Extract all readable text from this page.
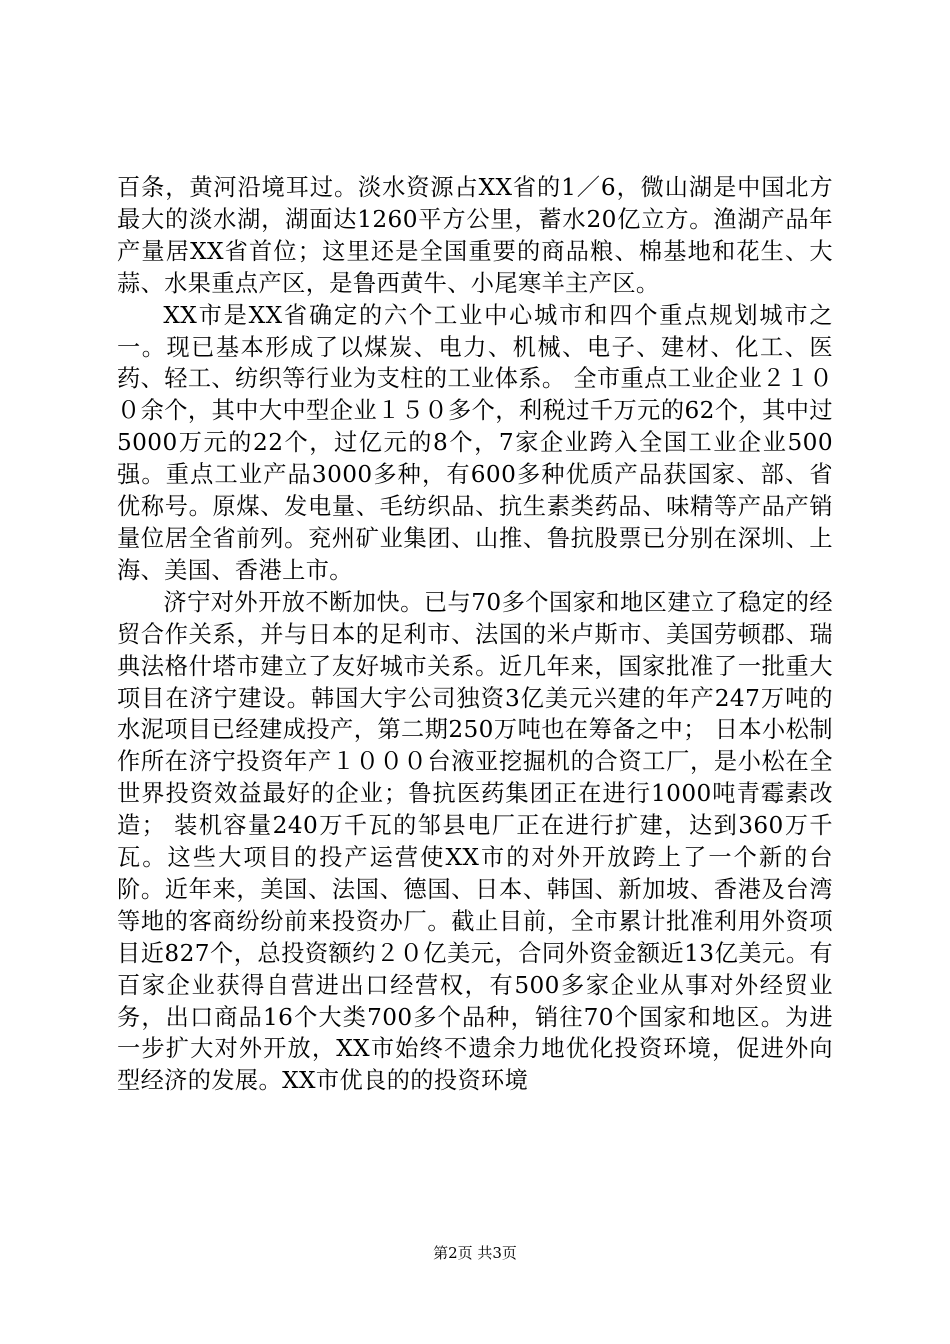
百条，黄河沿境耳过。淡水资源占XX省的1／6，微山湖是中国北方最大的淡水湖，湖面达1260平方公里，蓄水20亿立方。渔湖产品年产量居XX省首位；这里还是全国重要的商品粮、棉基地和花生、大蒜、水果重点产区，是鲁西黄牛、小尾寒羊主产区。

XX市是XX省确定的六个工业中心城市和四个重点规划城市之一。现已基本形成了以煤炭、电力、机械、电子、建材、化工、医药、轻工、纺织等行业为支柱的工业体系。 全市重点工业企业２１００余个，其中大中型企业１５０多个，利税过千万元的62个，其中过5000万元的22个，过亿元的8个，7家企业跨入全国工业企业500强。重点工业产品3000多种，有600多种优质产品获国家、部、省优称号。原煤、发电量、毛纺织品、抗生素类药品、味精等产品产销量位居全省前列。兖州矿业集团、山推、鲁抗股票已分别在深圳、上海、美国、香港上市。

济宁对外开放不断加快。已与70多个国家和地区建立了稳定的经贸合作关系，并与日本的足利市、法国的米卢斯市、美国劳顿郡、瑞典法格什塔市建立了友好城市关系。近几年来，国家批准了一批重大项目在济宁建设。韩国大宇公司独资3亿美元兴建的年产247万吨的水泥项目已经建成投产，第二期250万吨也在筹备之中； 日本小松制作所在济宁投资年产１０００台液亚挖掘机的合资工厂，是小松在全世界投资效益最好的企业；鲁抗医药集团正在进行1000吨青霉素改造； 装机容量240万千瓦的邹县电厂正在进行扩建，达到360万千瓦。这些大项目的投产运营使XX市的对外开放跨上了一个新的台阶。近年来，美国、法国、德国、日本、韩国、新加坡、香港及台湾等地的客商纷纷前来投资办厂。截止目前，全市累计批准利用外资项目近827个，总投资额约２０亿美元，合同外资金额近13亿美元。有百家企业获得自营进出口经营权，有500多家企业从事对外经贸业务，出口商品16个大类700多个品种，销往70个国家和地区。为进一步扩大对外开放，XX市始终不遗余力地优化投资环境，促进外向型经济的发展。XX市优良的的投资环境

第2页 共3页
